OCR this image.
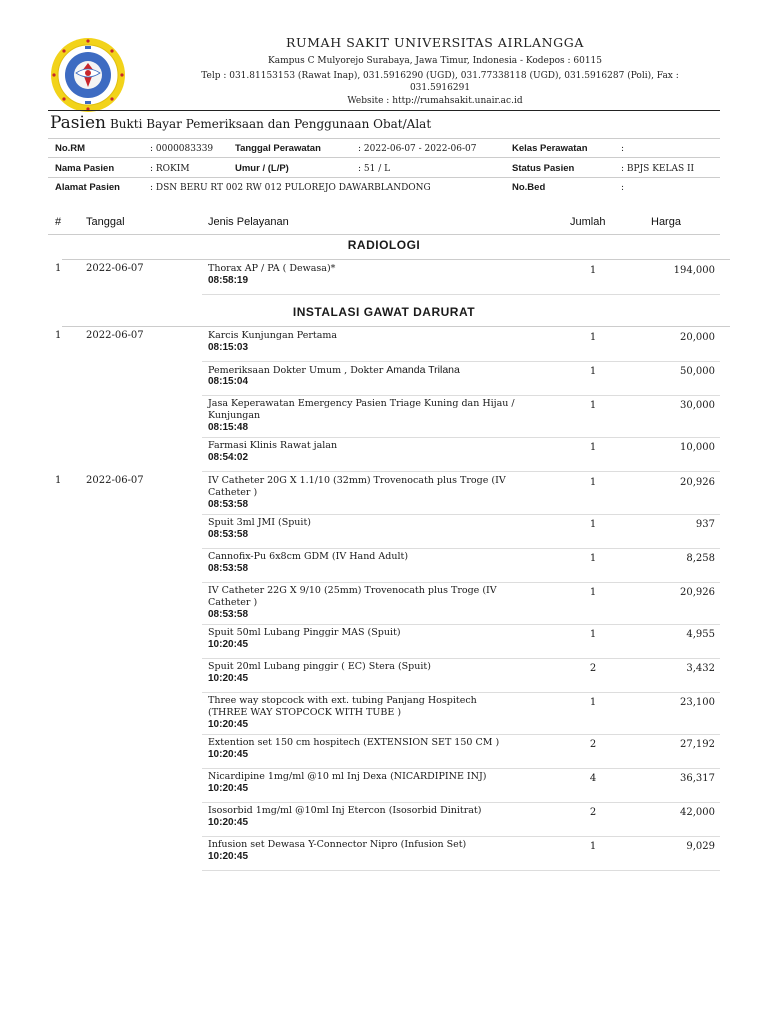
RUMAH SAKIT UNIVERSITAS AIRLANGGA
Kampus C Mulyorejo Surabaya, Jawa Timur, Indonesia - Kodepos : 60115
Telp : 031.81153153 (Rawat Inap), 031.5916290 (UGD), 031.77338118 (UGD), 031.5916287 (Poli), Fax : 031.5916291
Website : http://rumahsakit.unair.ac.id
Pasien Bukti Bayar Pemeriksaan dan Penggunaan Obat/Alat
No.RM	: 0000083339 Tanggal Perawatan	: 2022-06-07 - 2022-06-07	Kelas Perawatan	:
Nama Pasien	: ROKIM	Umur / (L/P)	: 51 / L	Status Pasien	: BPJS KELAS II
Alamat Pasien	: DSN BERU RT 002 RW 012 PULOREJO DAWARBLANDONG	No.Bed	:
# Tanggal	Jenis Pelayanan	Jumlah	Harga
RADIOLOGI
1 2022-06-07	Thorax AP / PA ( Dewasa)*
08:58:19
1	194,000
INSTALASI GAWAT DARURAT
1 2022-06-07	Karcis Kunjungan Pertama
08:15:03
1	20,000
Pemeriksaan Dokter Umum , Dokter Amanda Trilana
08:15:04
1	50,000
Jasa Keperawatan Emergency Pasien Triage Kuning dan Hijau / Kunjungan
08:15:48
1	30,000
Farmasi Klinis Rawat jalan
08:54:02
1	10,000
1 2022-06-07	IV Catheter 20G X 1.1/10 (32mm) Trovenocath plus Troge (IV Catheter )
08:53:58
1	20,926
Spuit 3ml JMI (Spuit)
08:53:58
1	937
Cannofix-Pu 6x8cm GDM (IV Hand Adult)
08:53:58
1	8,258
IV Catheter 22G X 9/10 (25mm) Trovenocath plus Troge (IV Catheter )
08:53:58
1	20,926
Spuit 50ml Lubang Pinggir MAS (Spuit)
10:20:45
1	4,955
Spuit 20ml Lubang pinggir ( EC) Stera (Spuit)
10:20:45
2	3,432
Three way stopcock with ext. tubing Panjang Hospitech (THREE WAY STOPCOCK WITH TUBE )
10:20:45
1	23,100
Extention set 150 cm hospitech (EXTENSION SET 150 CM )
10:20:45
2	27,192
Nicardipine 1mg/ml @10 ml Inj Dexa (NICARDIPINE INJ)
10:20:45
4	36,317
Isosorbid 1mg/ml @10ml Inj Etercon (Isosorbid Dinitrat)
10:20:45
2	42,000
Infusion set Dewasa Y-Connector Nipro (Infusion Set)
10:20:45
1	9,029
